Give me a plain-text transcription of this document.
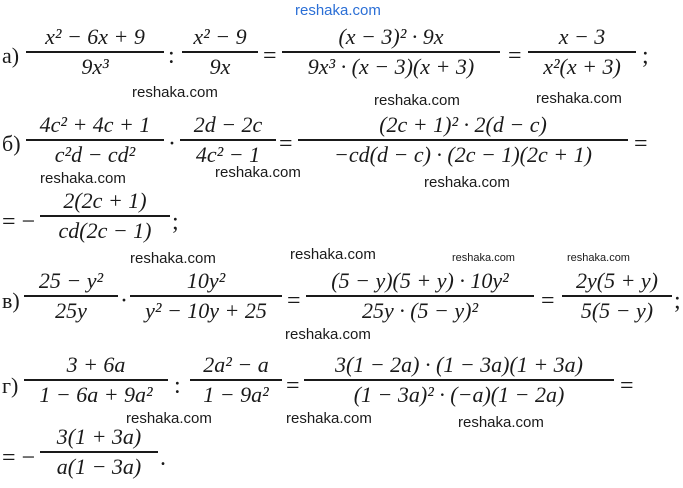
reshaka.com
а)
x² − 6x + 9
9x³	:
x² − 9
9x	=
(x − 3)² · 9x
9x³ · (x − 3)(x + 3)	=
x − 3
x²(x + 3) ;
reshaka.com	reshaka.com	reshaka.com
б)
4c² + 4c + 1
c²d − cd²	·
2d − 2c
4c² − 1 =
(2c + 1)² · 2(d − c)
−cd(d − c) · (2c − 1)(2c + 1)	=
reshaka.com	reshaka.com
reshaka.com
= −
2(2c + 1)
cd(2c − 1) ;
reshaka.com	reshaka.com	reshaka.com	reshaka.com
в)
25 − y²
25y	·
10y²
y² − 10y + 25 =
(5 − y)(5 + y) · 10y²
25y · (5 − y)²	=
2y(5 + y)
5(5 − y) ;
reshaka.com
г)
3 + 6a
1 − 6a + 9a² :
2a² − a
1 − 9a² =
3(1 − 2a) · (1 − 3a)(1 + 3a)
(1 − 3a)² · (−a)(1 − 2a)	=
reshaka.com	reshaka.com	reshaka.com
= −
3(1 + 3a)
a(1 − 3a) .
